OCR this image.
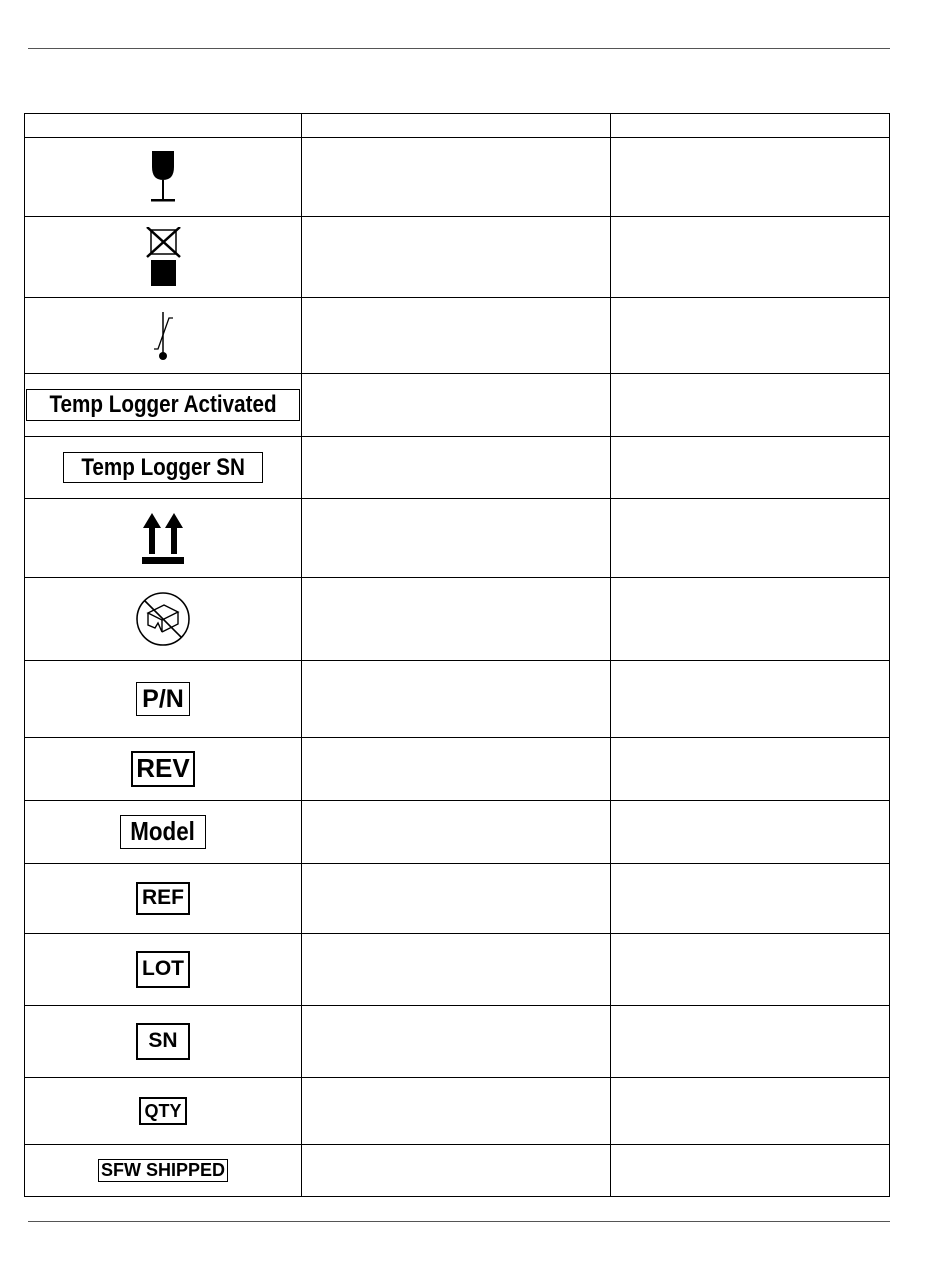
Temp Logger Activated		
Temp Logger SN		

P/N		
REV		
Model		
REF		
LOT		
SN		
QTY		
SFW SHIPPED		
